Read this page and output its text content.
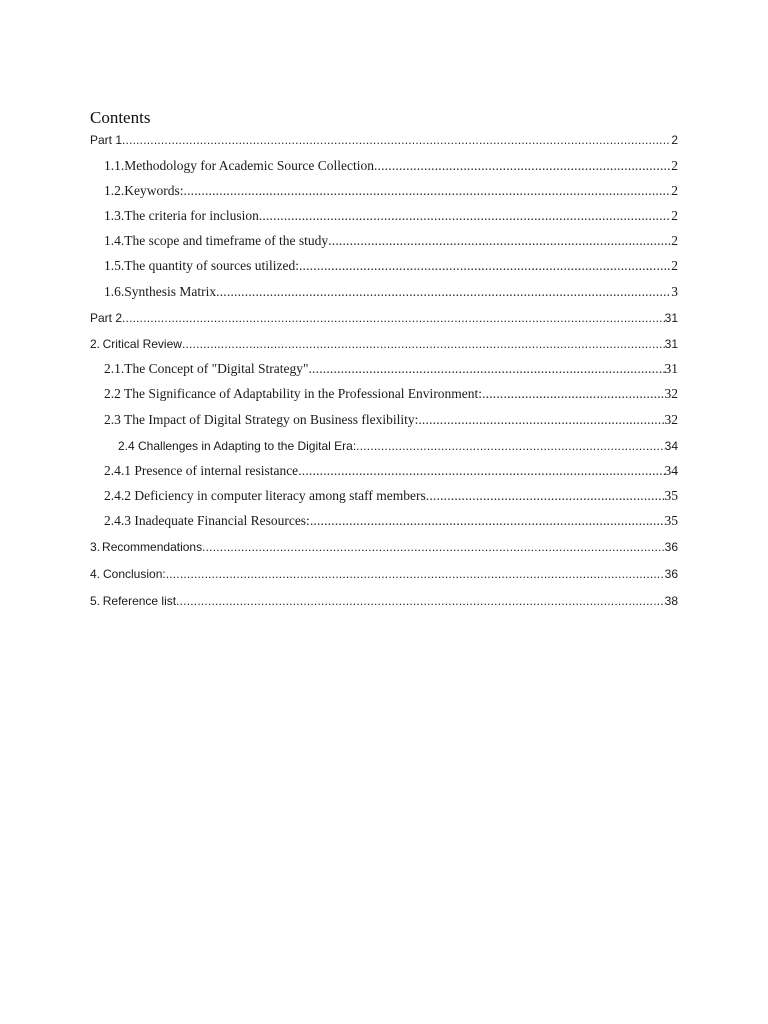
Contents
Part 1 .....	2
1.1. Methodology for Academic Source Collection .....	2
1.2. Keywords: .....	2
1.3. The criteria for inclusion .....	2
1.4. The scope and timeframe of the study .....	2
1.5. The quantity of sources utilized: .....	2
1.6. Synthesis Matrix .....	3
Part 2 .....	31
2. Critical Review .....	31
2.1. The Concept of "Digital Strategy" .....	31
2.2 The Significance of Adaptability in the Professional Environment: .....	32
2.3 The Impact of Digital Strategy on Business flexibility: .....	32
2.4 Challenges in Adapting to the Digital Era: .....	34
2.4.1 Presence of internal resistance .....	34
2.4.2 Deficiency in computer literacy among staff members .....	35
2.4.3 Inadequate Financial Resources: .....	35
3. Recommendations .....	36
4. Conclusion: .....	36
5. Reference list .....	38
